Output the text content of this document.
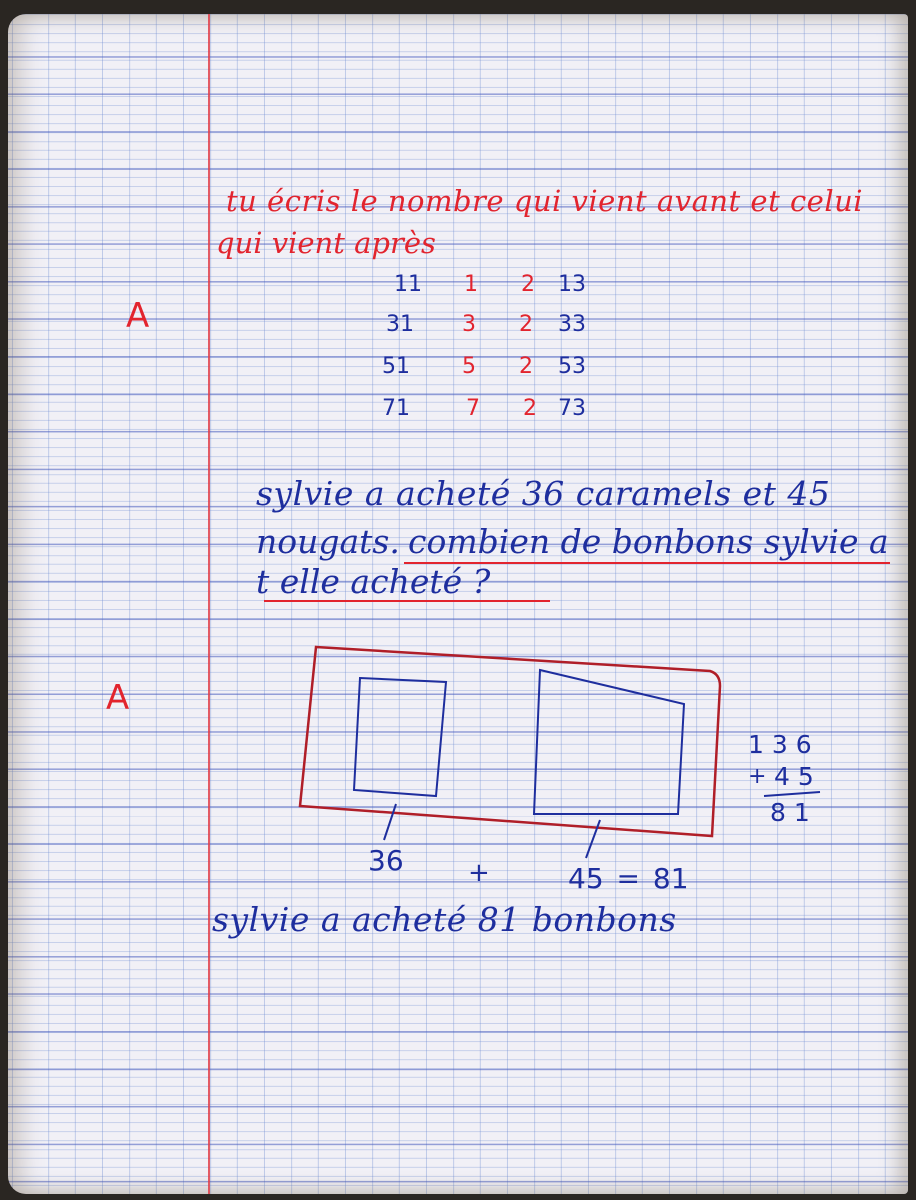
tu écris le nombre qui vient avant et celui
qui vient après
A
A
11 1 2 13
31 3 2 33
51 5 2 53
71	7 2 73
sylvie a acheté 36 caramels et 45
nougats. combien de bonbons sylvie a
t elle acheté ?
36 +	45 = 81
136
+ 45
81
sylvie a acheté 81 bonbons
